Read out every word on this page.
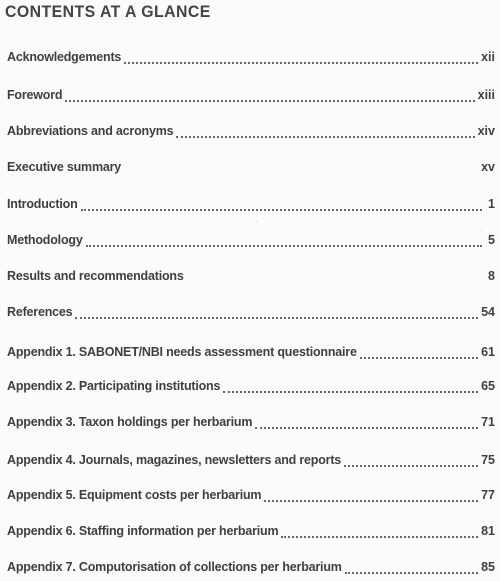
CONTENTS AT A GLANCE
Acknowledgements	xii
Foreword	xiii
Abbreviations and acronyms	xiv
Executive summary	xv
Introduction	1
Methodology	5
Results and recommendations	8
References	54
Appendix 1. SABONET/NBI needs assessment questionnaire	61
Appendix 2. Participating institutions	65
Appendix 3. Taxon holdings per herbarium	71
Appendix 4. Journals, magazines, newsletters and reports	75
Appendix 5. Equipment costs per herbarium	77
Appendix 6. Staffing information per herbarium	81
Appendix 7. Computorisation of collections per herbarium	85
